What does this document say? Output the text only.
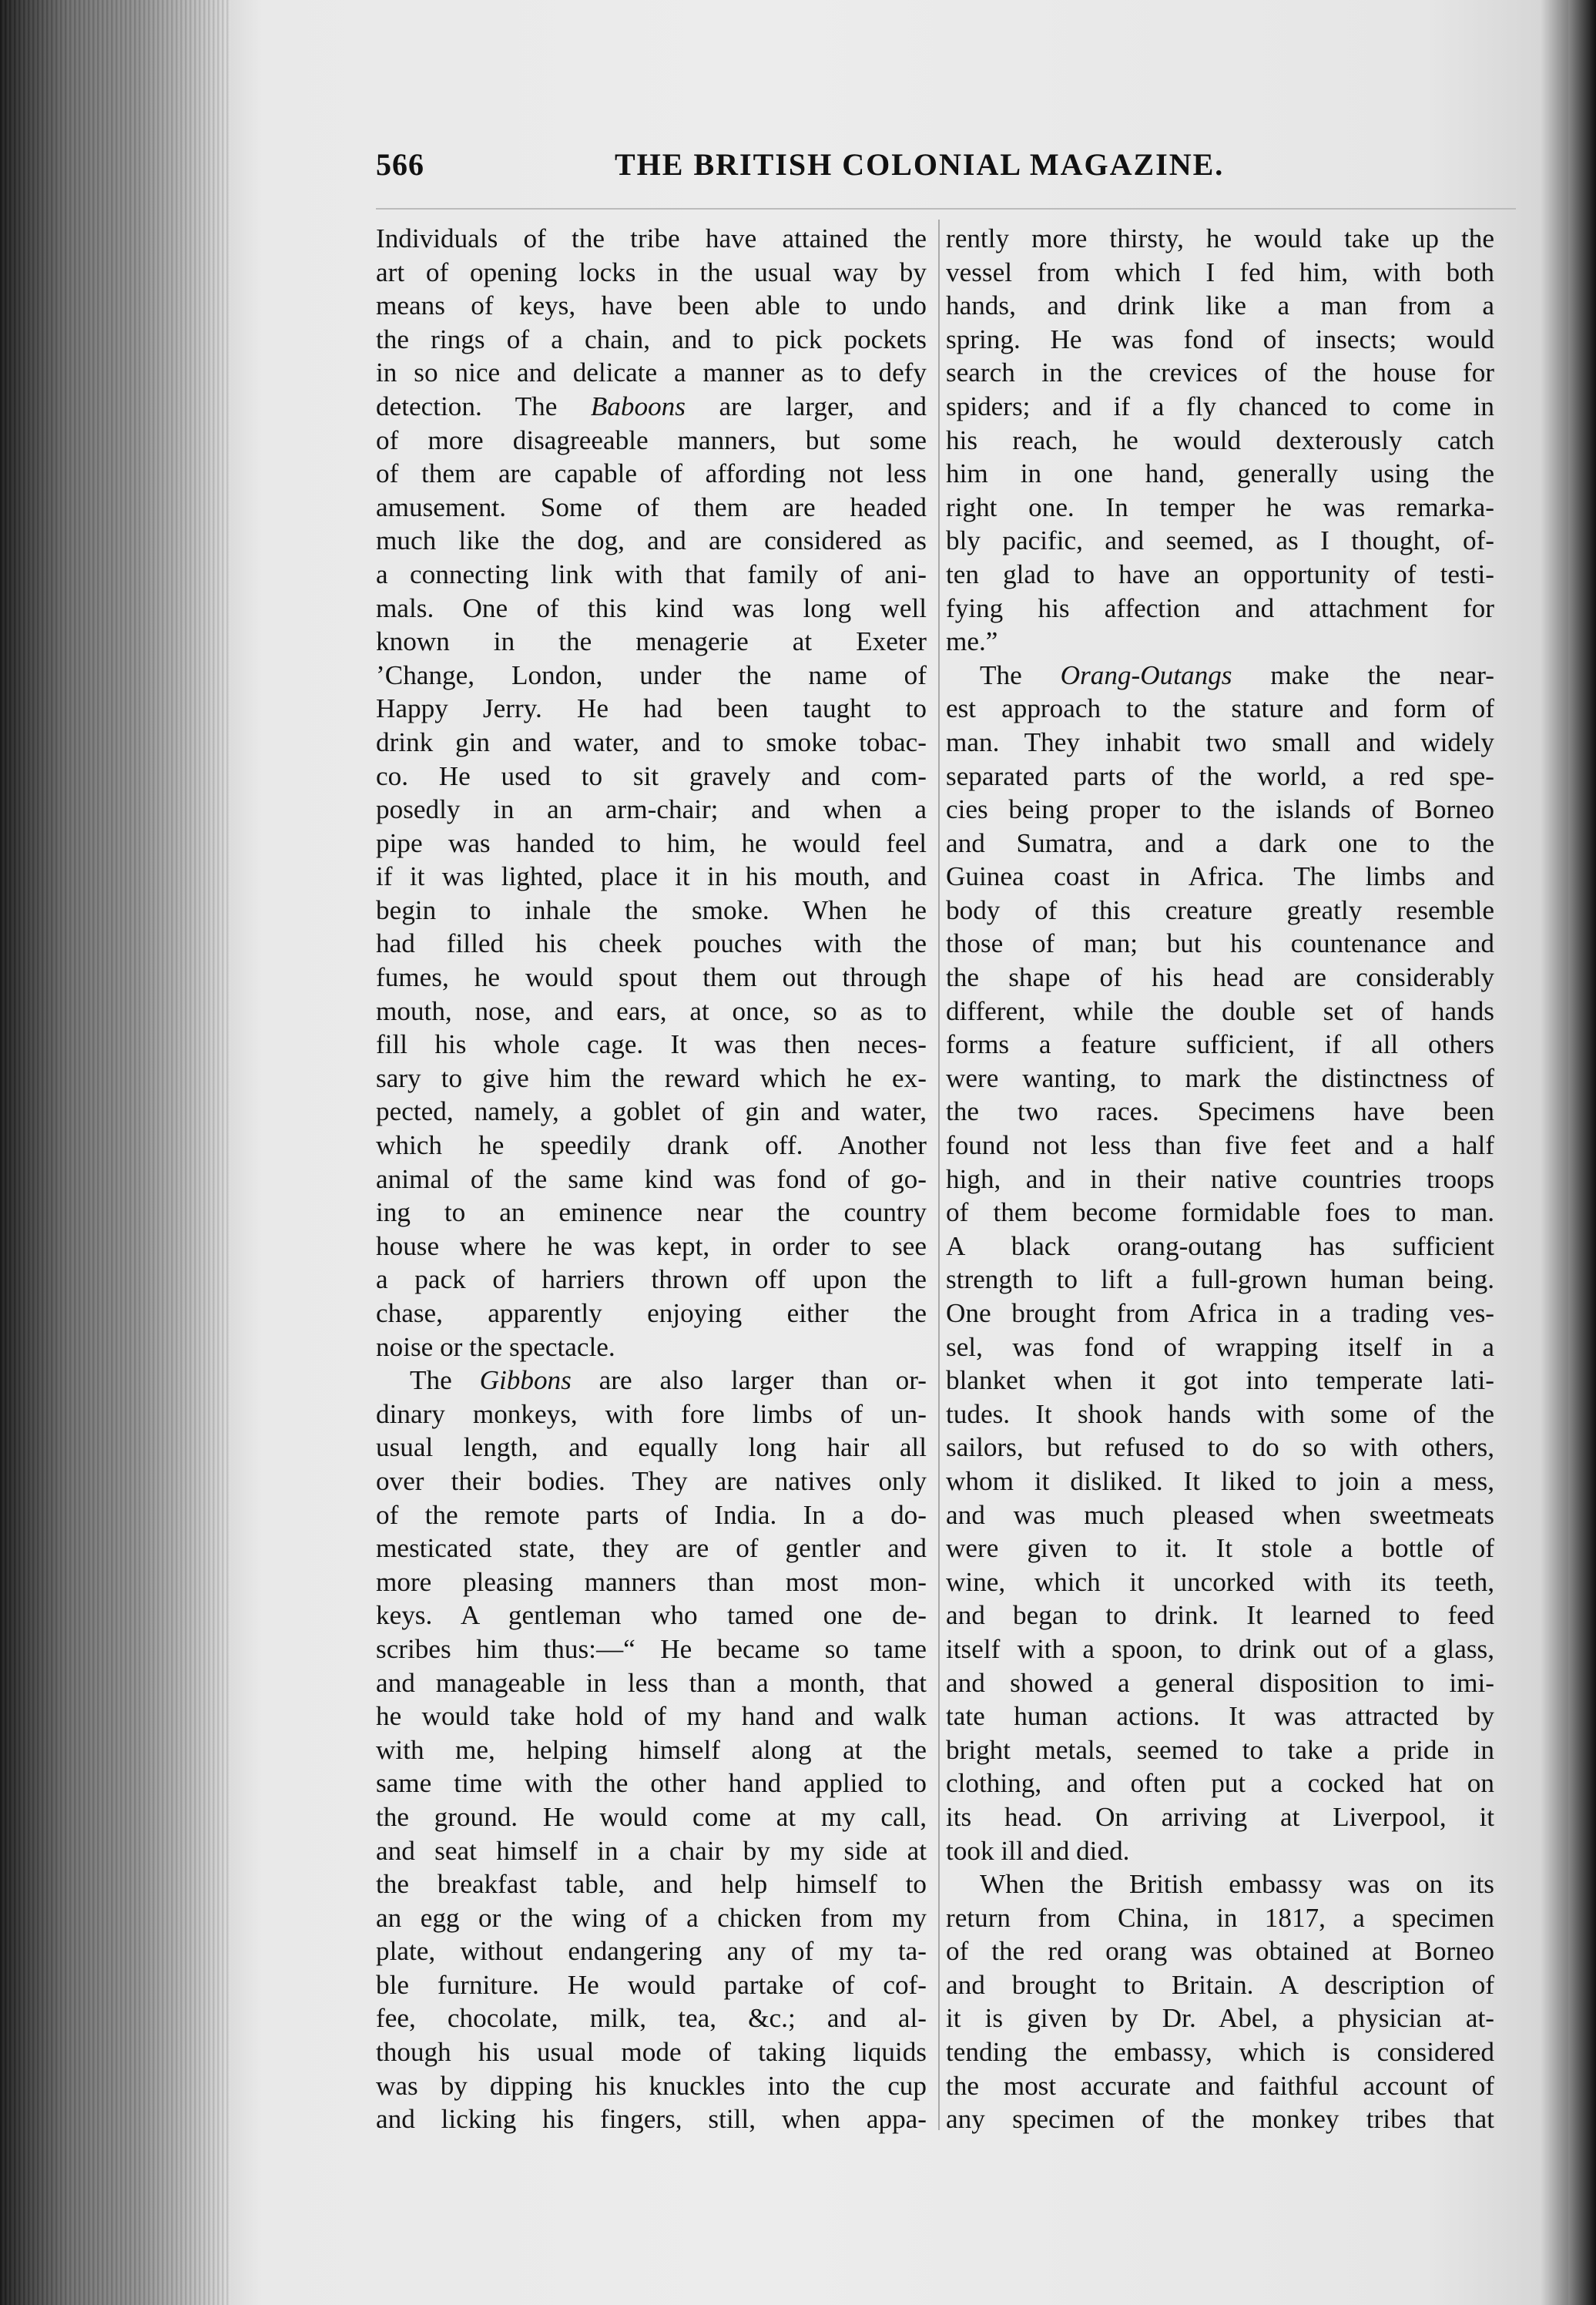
566	THE BRITISH COLONIAL MAGAZINE.
Individuals of the tribe have attained the
art of opening locks in the usual way by
means of keys, have been able to undo
the rings of a chain, and to pick pockets
in so nice and delicate a manner as to defy
detection. The Baboons are larger, and
of more disagreeable manners, but some
of them are capable of affording not less
amusement. Some of them are headed
much like the dog, and are considered as
a connecting link with that family of ani-
mals. One of this kind was long well
known in the menagerie at Exeter
’Change, London, under the name of
Happy Jerry. He had been taught to
drink gin and water, and to smoke tobac-
co. He used to sit gravely and com-
posedly in an arm-chair; and when a
pipe was handed to him, he would feel
if it was lighted, place it in his mouth, and
begin to inhale the smoke. When he
had filled his cheek pouches with the
fumes, he would spout them out through
mouth, nose, and ears, at once, so as to
fill his whole cage. It was then neces-
sary to give him the reward which he ex-
pected, namely, a goblet of gin and water,
which he speedily drank off. Another
animal of the same kind was fond of go-
ing to an eminence near the country
house where he was kept, in order to see
a pack of harriers thrown off upon the
chase, apparently enjoying either the
noise or the spectacle.
The Gibbons are also larger than or-
dinary monkeys, with fore limbs of un-
usual length, and equally long hair all
over their bodies. They are natives only
of the remote parts of India. In a do-
mesticated state, they are of gentler and
more pleasing manners than most mon-
keys. A gentleman who tamed one de-
scribes him thus:—“ He became so tame
and manageable in less than a month, that
he would take hold of my hand and walk
with me, helping himself along at the
same time with the other hand applied to
the ground. He would come at my call,
and seat himself in a chair by my side at
the breakfast table, and help himself to
an egg or the wing of a chicken from my
plate, without endangering any of my ta-
ble furniture. He would partake of cof-
fee, chocolate, milk, tea, &c.; and al-
though his usual mode of taking liquids
was by dipping his knuckles into the cup
and licking his fingers, still, when appa-
rently more thirsty, he would take up the
vessel from which I fed him, with both
hands, and drink like a man from a
spring. He was fond of insects; would
search in the crevices of the house for
spiders; and if a fly chanced to come in
his reach, he would dexterously catch
him in one hand, generally using the
right one. In temper he was remarka-
bly pacific, and seemed, as I thought, of-
ten glad to have an opportunity of testi-
fying his affection and attachment for
me.”
The Orang-Outangs make the near-
est approach to the stature and form of
man. They inhabit two small and widely
separated parts of the world, a red spe-
cies being proper to the islands of Borneo
and Sumatra, and a dark one to the
Guinea coast in Africa. The limbs and
body of this creature greatly resemble
those of man; but his countenance and
the shape of his head are considerably
different, while the double set of hands
forms a feature sufficient, if all others
were wanting, to mark the distinctness of
the two races. Specimens have been
found not less than five feet and a half
high, and in their native countries troops
of them become formidable foes to man.
A black orang-outang has sufficient
strength to lift a full-grown human being.
One brought from Africa in a trading ves-
sel, was fond of wrapping itself in a
blanket when it got into temperate lati-
tudes. It shook hands with some of the
sailors, but refused to do so with others,
whom it disliked. It liked to join a mess,
and was much pleased when sweetmeats
were given to it. It stole a bottle of
wine, which it uncorked with its teeth,
and began to drink. It learned to feed
itself with a spoon, to drink out of a glass,
and showed a general disposition to imi-
tate human actions. It was attracted by
bright metals, seemed to take a pride in
clothing, and often put a cocked hat on
its head. On arriving at Liverpool, it
took ill and died.
When the British embassy was on its
return from China, in 1817, a specimen
of the red orang was obtained at Borneo
and brought to Britain. A description of
it is given by Dr. Abel, a physician at-
tending the embassy, which is considered
the most accurate and faithful account of
any specimen of the monkey tribes that
